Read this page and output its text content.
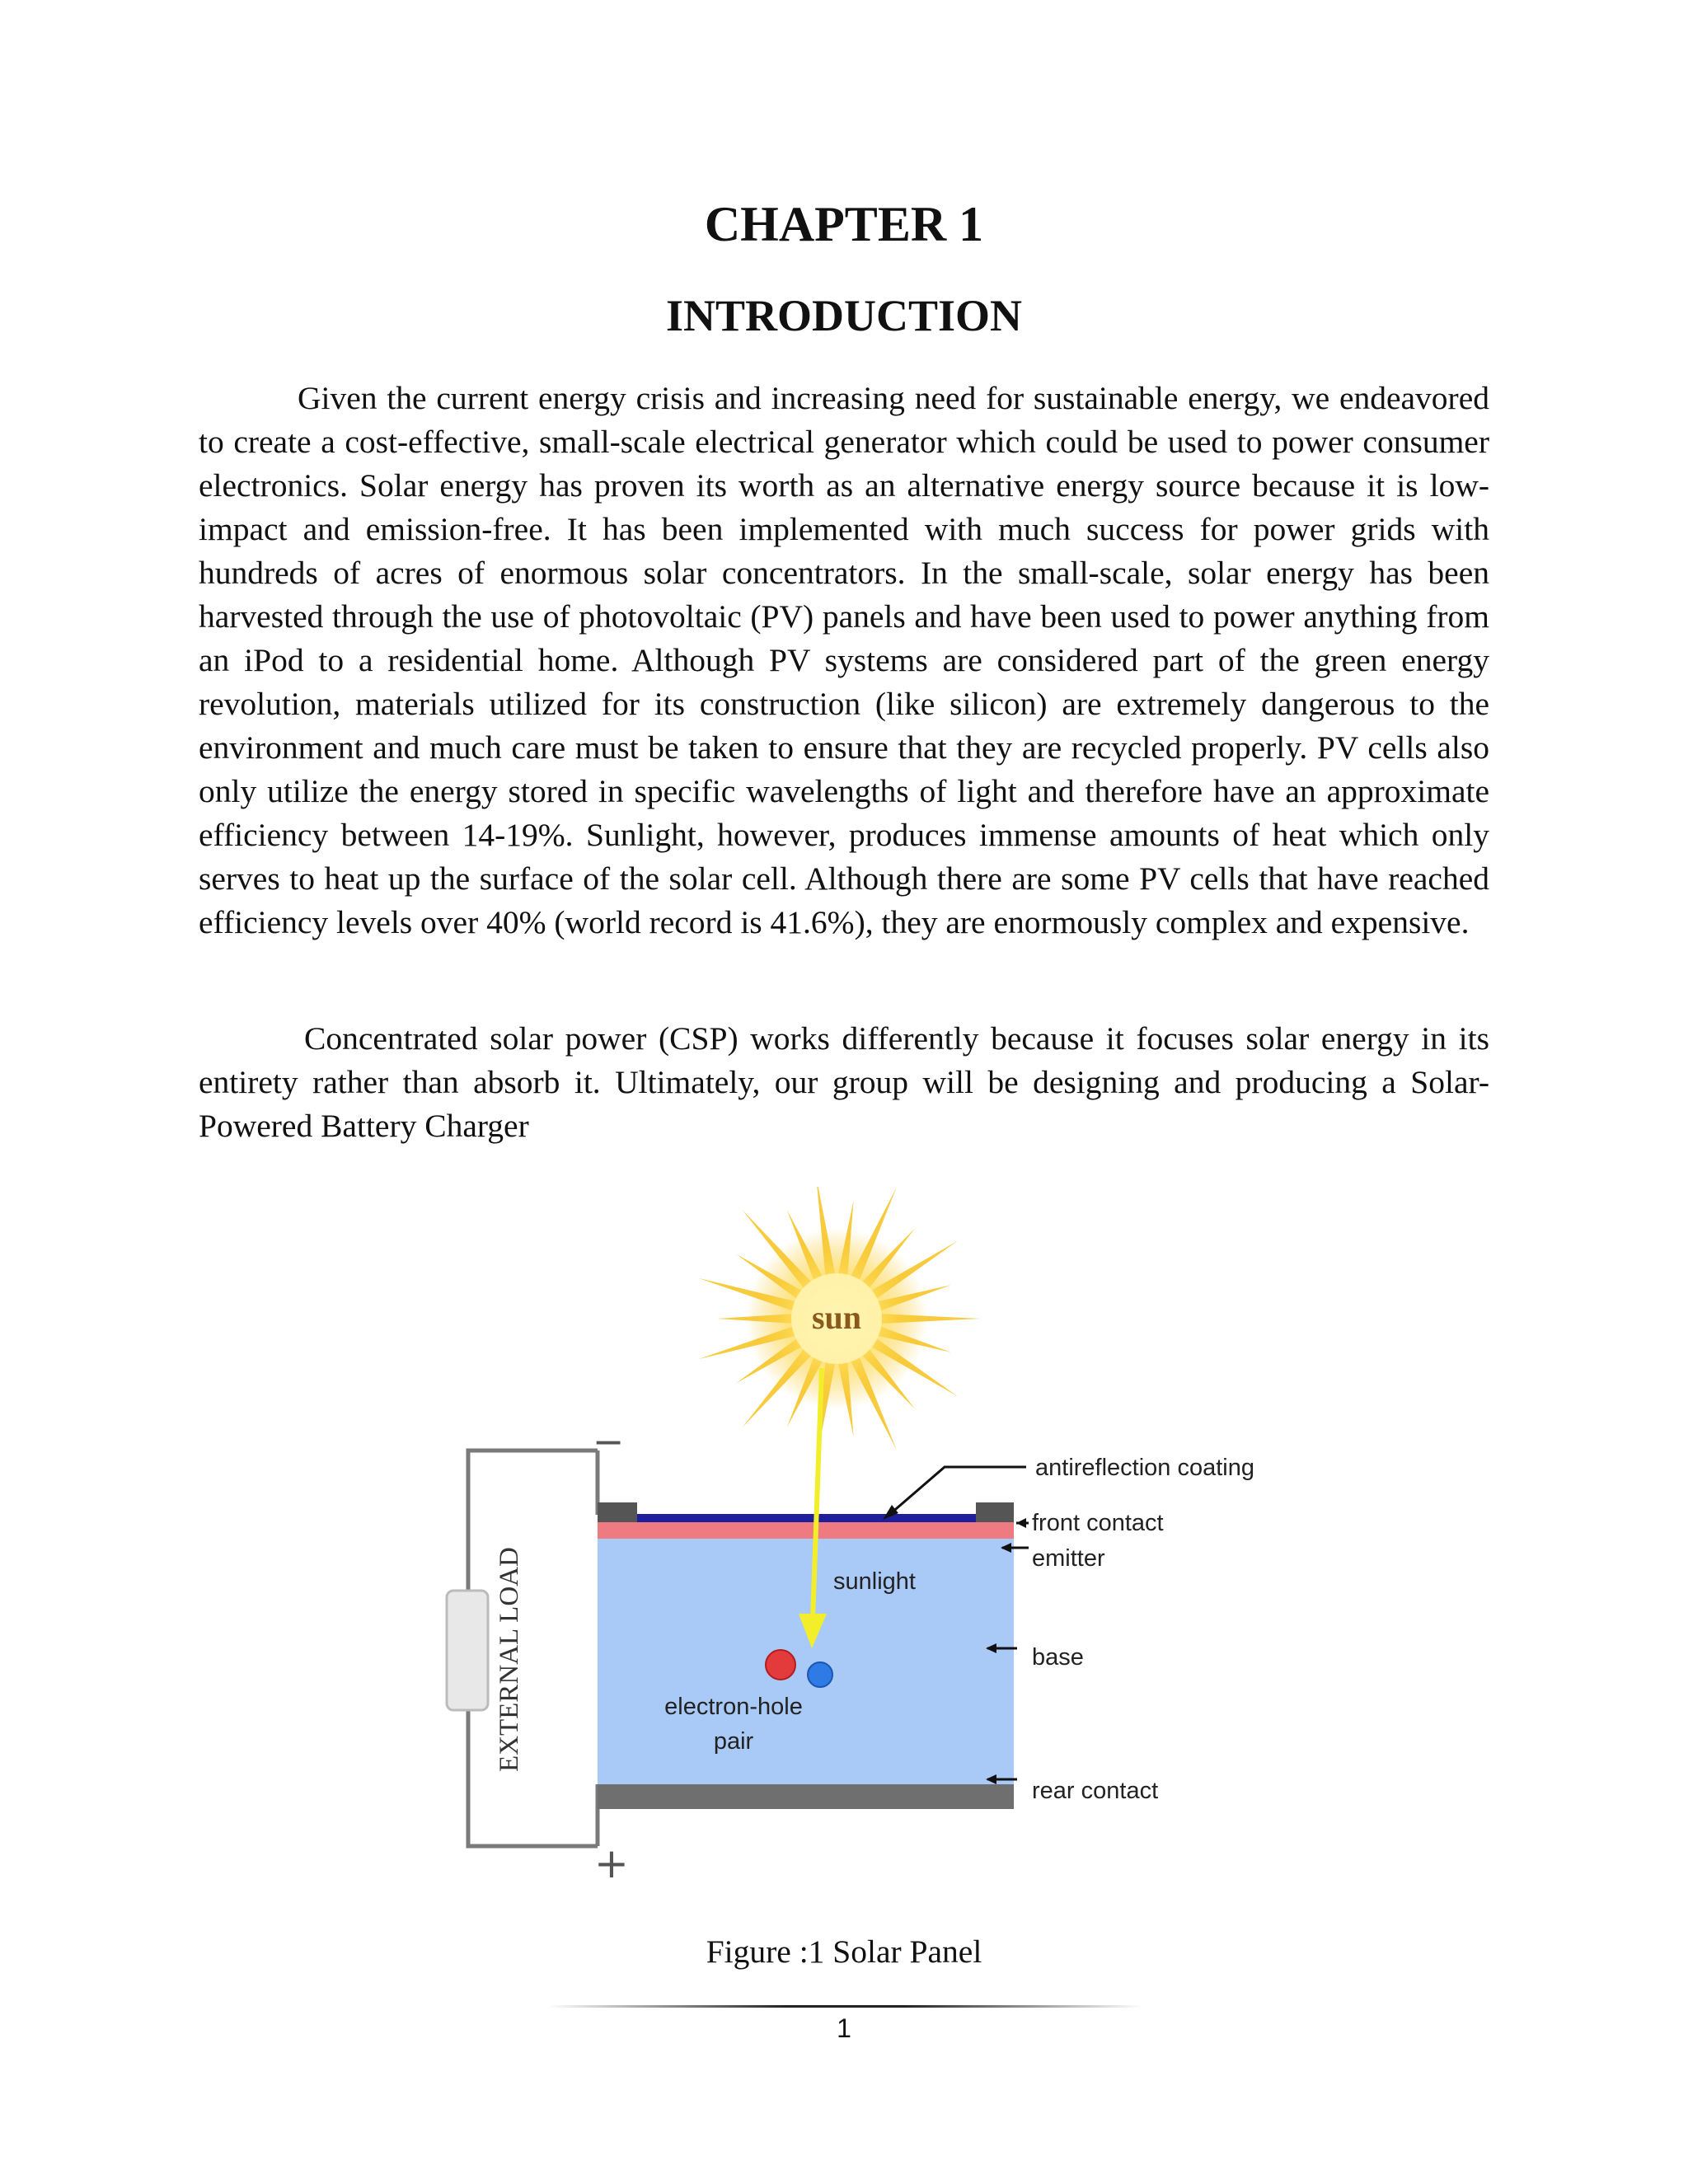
CHAPTER 1
INTRODUCTION

Given the current energy crisis and increasing need for sustainable energy, we endeavored to create a cost-effective, small-scale electrical generator which could be used to power consumer electronics. Solar energy has proven its worth as an alternative energy source because it is low-impact and emission-free. It has been implemented with much success for power grids with hundreds of acres of enormous solar concentrators. In the small-scale, solar energy has been harvested through the use of photovoltaic (PV) panels and have been used to power anything from an iPod to a residential home. Although PV systems are considered part of the green energy revolution, materials utilized for its construction (like silicon) are extremely dangerous to the environment and much care must be taken to ensure that they are recycled properly. PV cells also only utilize the energy stored in specific wavelengths of light and therefore have an approximate efficiency between 14-19%. Sunlight, however, produces immense amounts of heat which only serves to heat up the surface of the solar cell. Although there are some PV cells that have reached efficiency levels over 40% (world record is 41.6%), they are enormously complex and expensive.

Concentrated solar power (CSP) works differently because it focuses solar energy in its entirety rather than absorb it. Ultimately, our group will be designing and producing a Solar-Powered Battery Charger

sun
EXTERNAL LOAD
−
+
sunlight
electron-hole
pair
antireflection coating
front contact
emitter
base
rear contact

Figure :1 Solar Panel

1
